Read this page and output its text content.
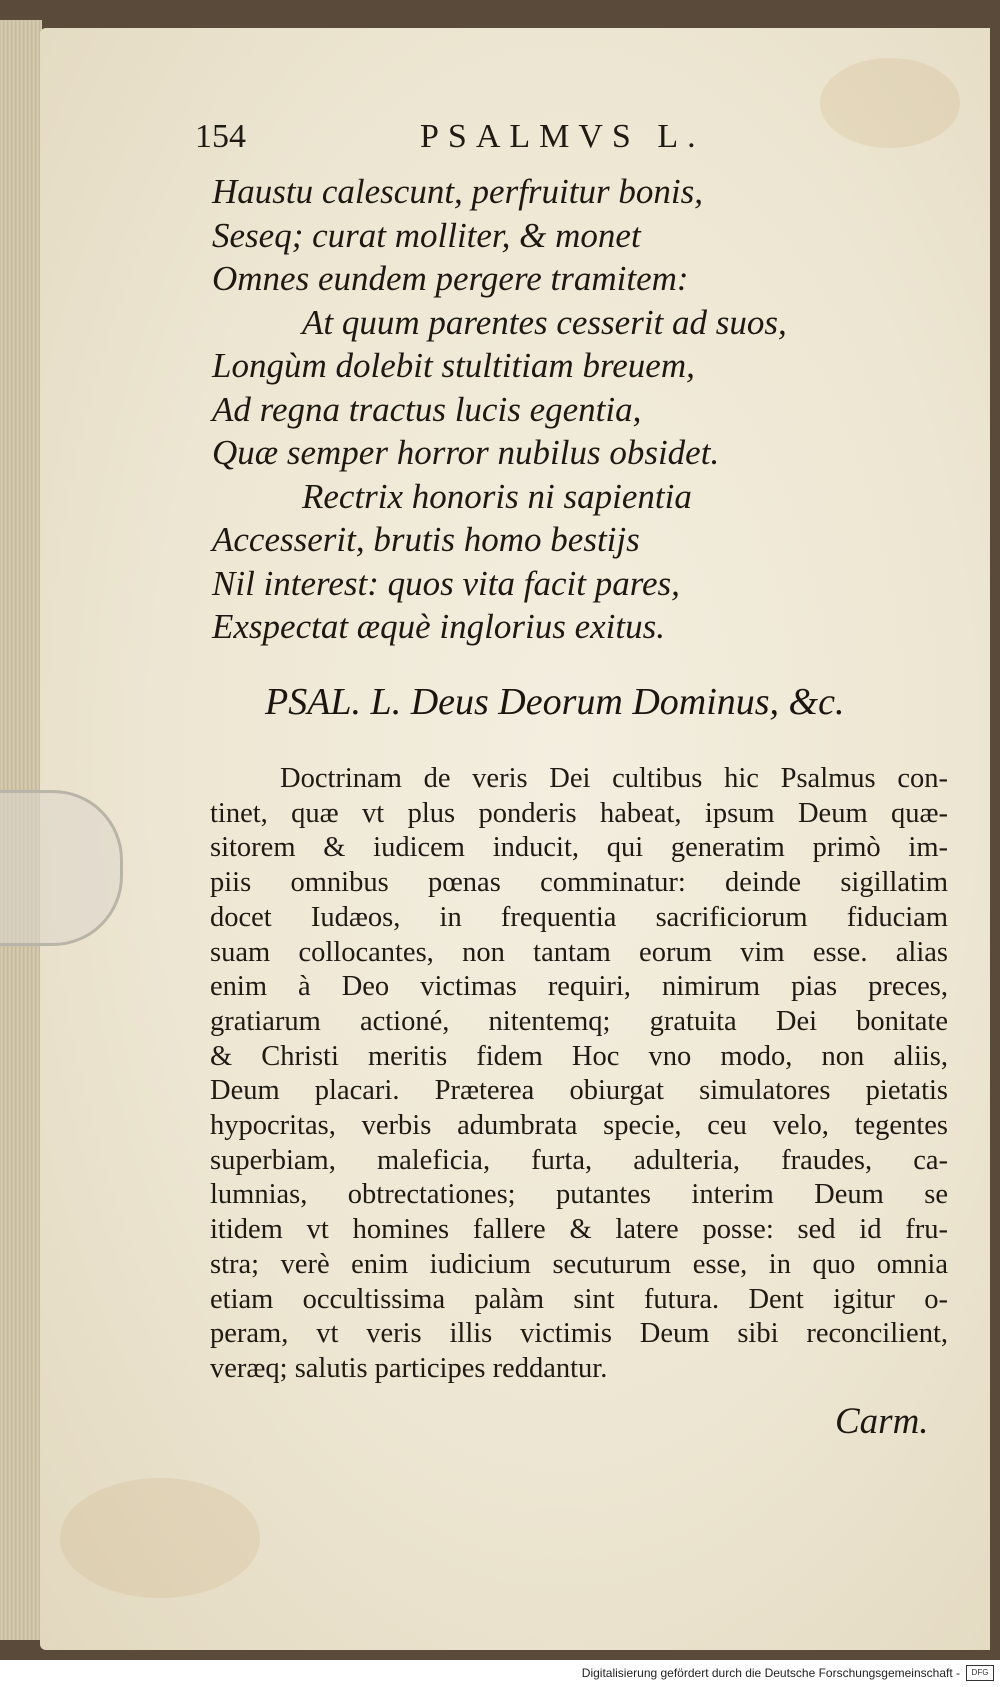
154	PSALMVS L.
Haustu calescunt, perfruitur bonis,
Seseq; curat molliter, & monet
Omnes eundem pergere tramitem:
At quum parentes cesserit ad suos,
Longùm dolebit stultitiam breuem,
Ad regna tractus lucis egentia,
Quæ semper horror nubilus obsidet.
Rectrix honoris ni sapientia
Accesserit, brutis homo bestijs
Nil interest: quos vita facit pares,
Exspectat æquè inglorius exitus.
PSAL. L. Deus Deorum Dominus, &c.
Doctrinam de veris Dei cultibus hic Psalmus con-
tinet, quæ vt plus ponderis habeat, ipsum Deum quæ-
sitorem & iudicem inducit, qui generatim primò im-
piis omnibus pœnas comminatur: deinde sigillatim
docet Iudæos, in frequentia sacrificiorum fiduciam
suam collocantes, non tantam eorum vim esse. alias
enim à Deo victimas requiri, nimirum pias preces,
gratiarum actioné, nitentemq; gratuita Dei bonitate
& Christi meritis fidem Hoc vno modo, non aliis,
Deum placari. Præterea obiurgat simulatores pietatis
hypocritas, verbis adumbrata specie, ceu velo, tegentes
superbiam, maleficia, furta, adulteria, fraudes, ca-
lumnias, obtrectationes; putantes interim Deum se
itidem vt homines fallere & latere posse: sed id fru-
stra; verè enim iudicium secuturum esse, in quo omnia
etiam occultissima palàm sint futura. Dent igitur o-
peram, vt veris illis victimis Deum sibi reconcilient,
veræq; salutis participes reddantur.
Carm.
Digitalisierung gefördert durch die Deutsche Forschungsgemeinschaft -	DFG
